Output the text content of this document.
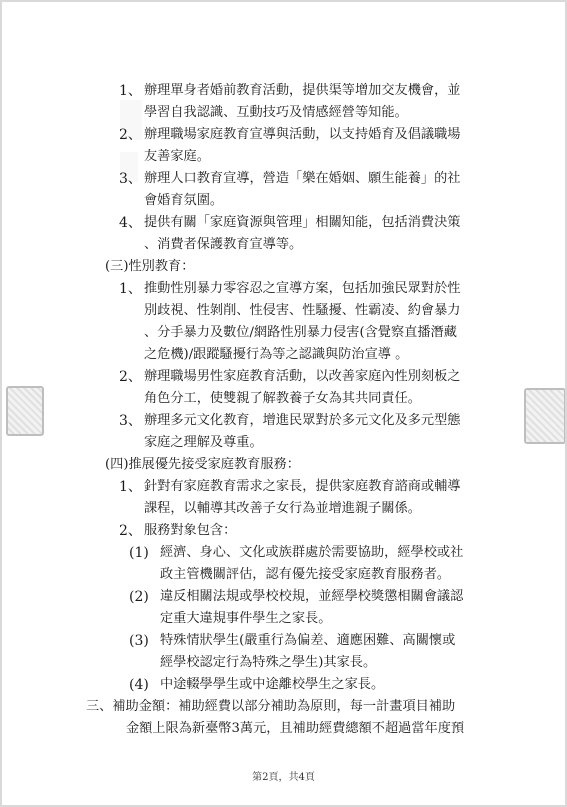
1、 辦理單身者婚前教育活動，提供渠等增加交友機會，並
學習自我認識、互動技巧及情感經營等知能。
2、 辦理職場家庭教育宣導與活動，以支持婚育及倡議職場
友善家庭。
3、 辦理人口教育宣導，營造「樂在婚姻、願生能養」的社
會婚育氛圍。
4、 提供有關「家庭資源與管理」相關知能，包括消費決策
、消費者保護教育宣導等。
(三)性別教育：
1、 推動性別暴力零容忍之宣導方案，包括加強民眾對於性
別歧視、性剝削、性侵害、性騷擾、性霸凌、約會暴力
、分手暴力及數位/網路性別暴力侵害(含覺察直播潛藏
之危機)/跟蹤騷擾行為等之認識與防治宣導 。
2、 辦理職場男性家庭教育活動，以改善家庭內性別刻板之
角色分工，使雙親了解教養子女為其共同責任。
3、 辦理多元文化教育，增進民眾對於多元文化及多元型態
家庭之理解及尊重。
(四)推展優先接受家庭教育服務：
1、 針對有家庭教育需求之家長，提供家庭教育諮商或輔導
課程，以輔導其改善子女行為並增進親子關係。
2、 服務對象包含：
(1) 經濟、身心、文化或族群處於需要協助，經學校或社
政主管機關評估，認有優先接受家庭教育服務者。
(2) 違反相關法規或學校校規，並經學校獎懲相關會議認
定重大違規事件學生之家長。
(3) 特殊情狀學生(嚴重行為偏差、適應困難、高關懷或
經學校認定行為特殊之學生)其家長。
(4) 中途輟學學生或中途離校學生之家長。
三、補助金額：補助經費以部分補助為原則，每一計畫項目補助
金額上限為新臺幣3萬元，且補助經費總額不超過當年度預
第2頁，共4頁
